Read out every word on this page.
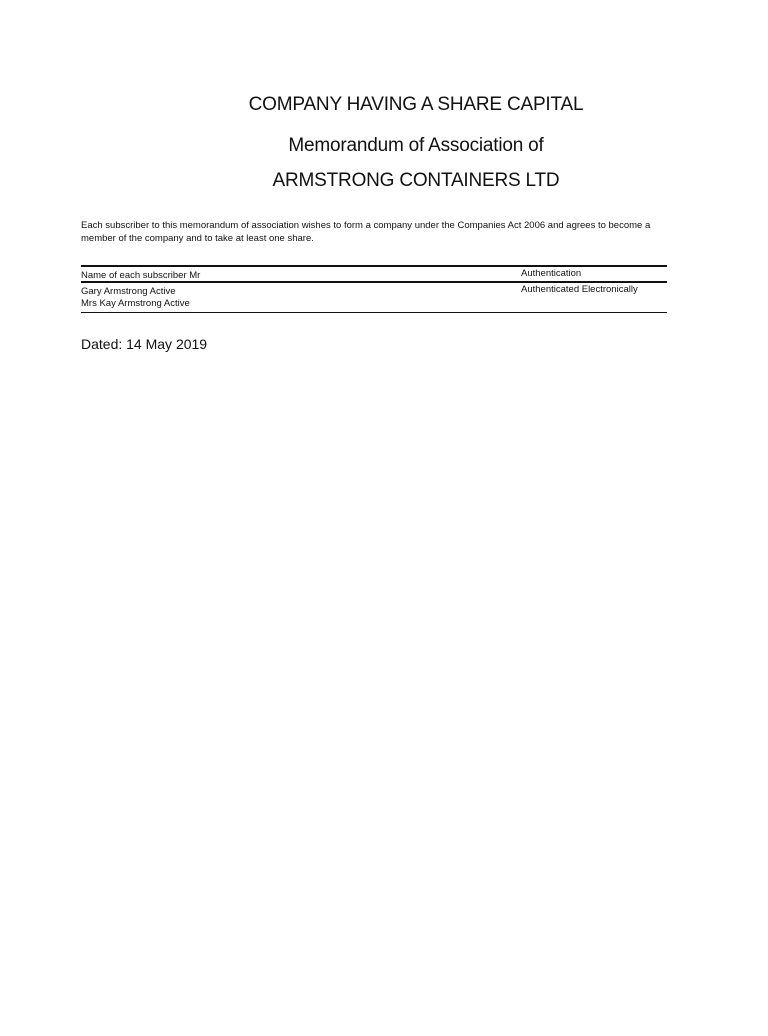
COMPANY HAVING A SHARE CAPITAL
Memorandum of Association of
ARMSTRONG CONTAINERS LTD

Each subscriber to this memorandum of association wishes to form a company under the Companies Act 2006 and agrees to become a member of the company and to take at least one share.

Name of each subscriber Mr	Authentication
Gary Armstrong Active
Mrs Kay Armstrong Active
Authenticated Electronically
Dated: 14 May 2019
